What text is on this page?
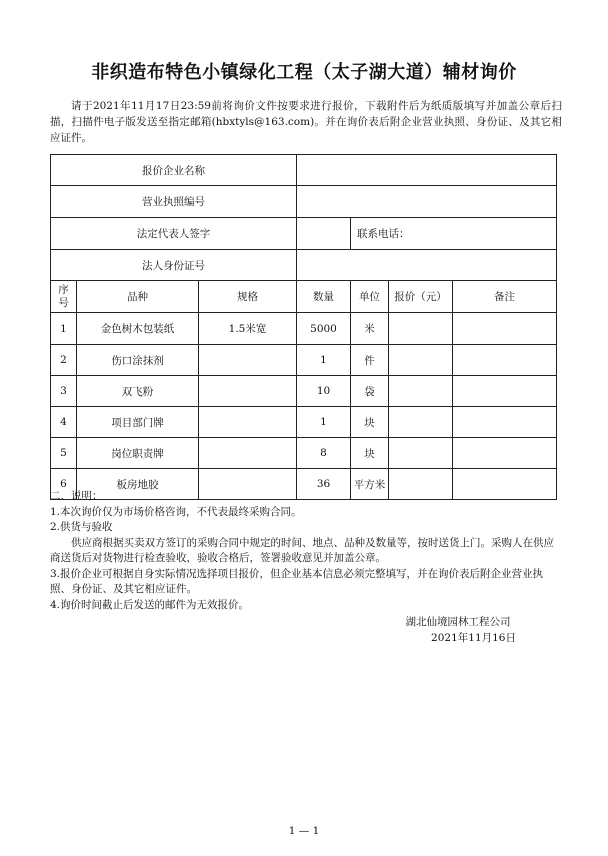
非织造布特色小镇绿化工程（太子湖大道）辅材询价
请于2021年11月17日23:59前将询价文件按要求进行报价，下载附件后为纸质版填写并加盖公章后扫描，扫描件电子版发送至指定邮箱(hbxtyls@163.com)。并在询价表后附企业营业执照、身份证、及其它相应证件。
报价企业名称						
营业执照编号						
法定代表人签字				联系电话：		
法人身份证号						
序号	品种	规格	数量	单位	报价（元）	备注
1	金色树木包装纸	1.5米宽	5000	米		
2	伤口涂抹剂		1	件		
3	双飞粉		10	袋		
4	项目部门牌		1	块		
5	岗位职责牌		8	块		
6	板房地胶		36	平方米		

二、说明：

1.本次询价仅为市场价格咨询，不代表最终采购合同。

2.供货与验收

供应商根据买卖双方签订的采购合同中规定的时间、地点、品种及数量等，按时送货上门。采购人在供应商送货后对货物进行检查验收，验收合格后，签署验收意见并加盖公章。

3.报价企业可根据自身实际情况选择项目报价，但企业基本信息必须完整填写，并在询价表后附企业营业执照、身份证、及其它相应证件。

4.询价时间截止后发送的邮件为无效报价。

湖北仙境园林工程公司
2021年11月16日
1 — 1
